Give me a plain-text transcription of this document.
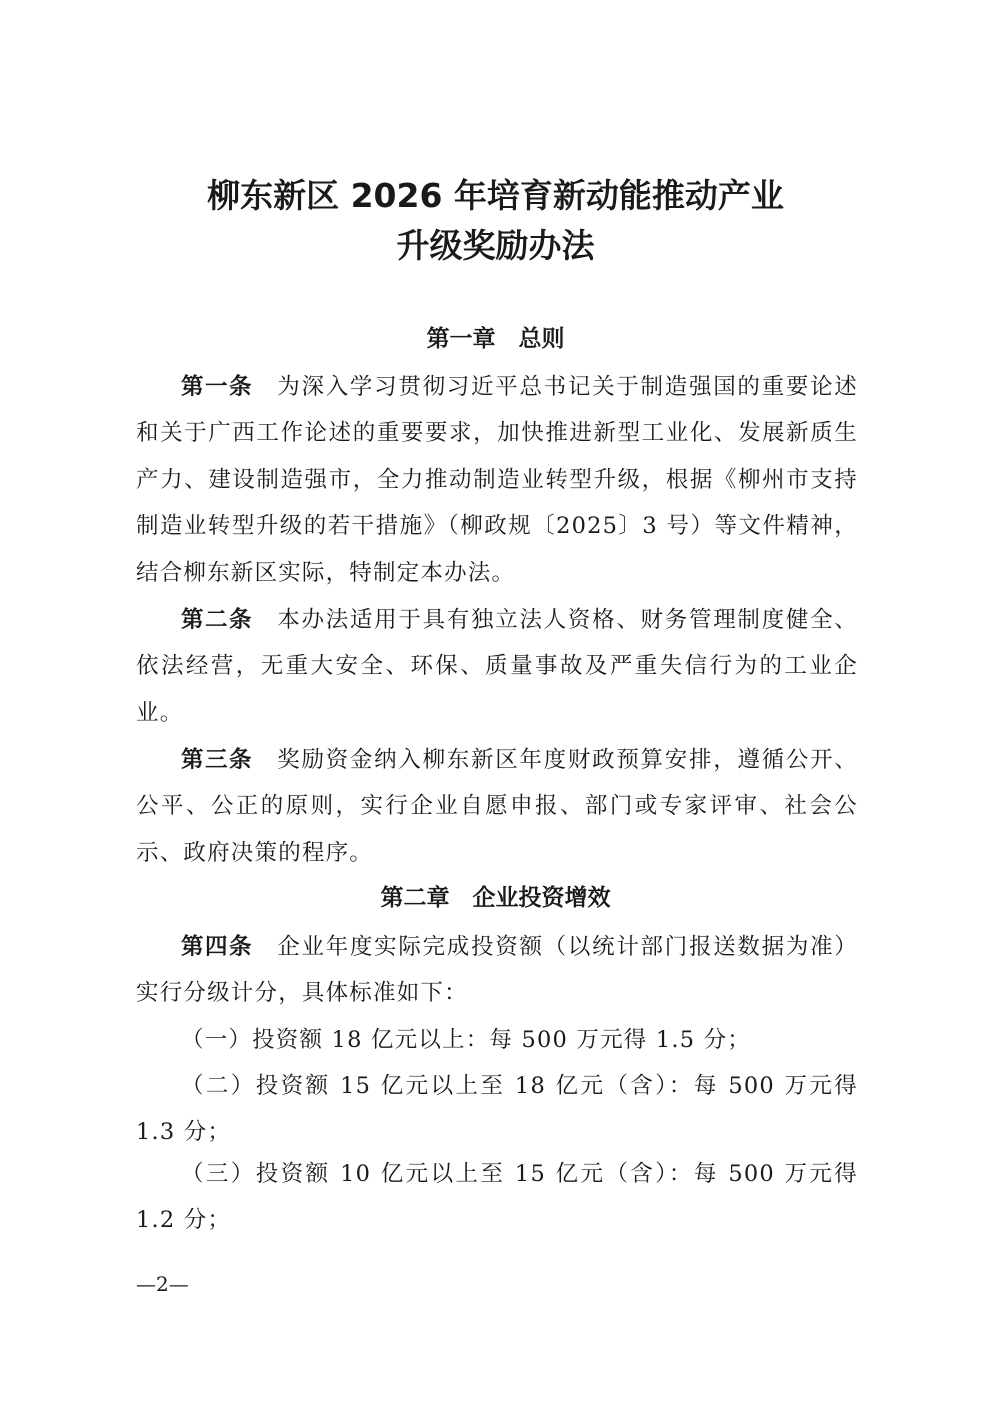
柳东新区 2026 年培育新动能推动产业
升级奖励办法
第一章　总则

第一条　 为深入学习贯彻习近平总书记关于制造强国的重要论述和关于广西工作论述的重要要求，加快推进新型工业化、发展新质生产力、建设制造强市，全力推动制造业转型升级，根据《柳州市支持制造业转型升级的若干措施》（柳政规〔2025〕3 号）等文件精神，结合柳东新区实际，特制定本办法。

第二条　 本办法适用于具有独立法人资格、财务管理制度健全、依法经营，无重大安全、环保、质量事故及严重失信行为的工业企业。

第三条　 奖励资金纳入柳东新区年度财政预算安排，遵循公开、公平、公正的原则，实行企业自愿申报、部门或专家评审、社会公示、政府决策的程序。

第二章　企业投资增效

第四条　 企业年度实际完成投资额（以统计部门报送数据为准）实行分级计分，具体标准如下：

（一）投资额 18 亿元以上：每 500 万元得 1.5 分；

（二）投资额 15 亿元以上至 18 亿元（含）：每 500 万元得 1.3 分；

（三）投资额 10 亿元以上至 15 亿元（含）：每 500 万元得 1.2 分；

—2—
